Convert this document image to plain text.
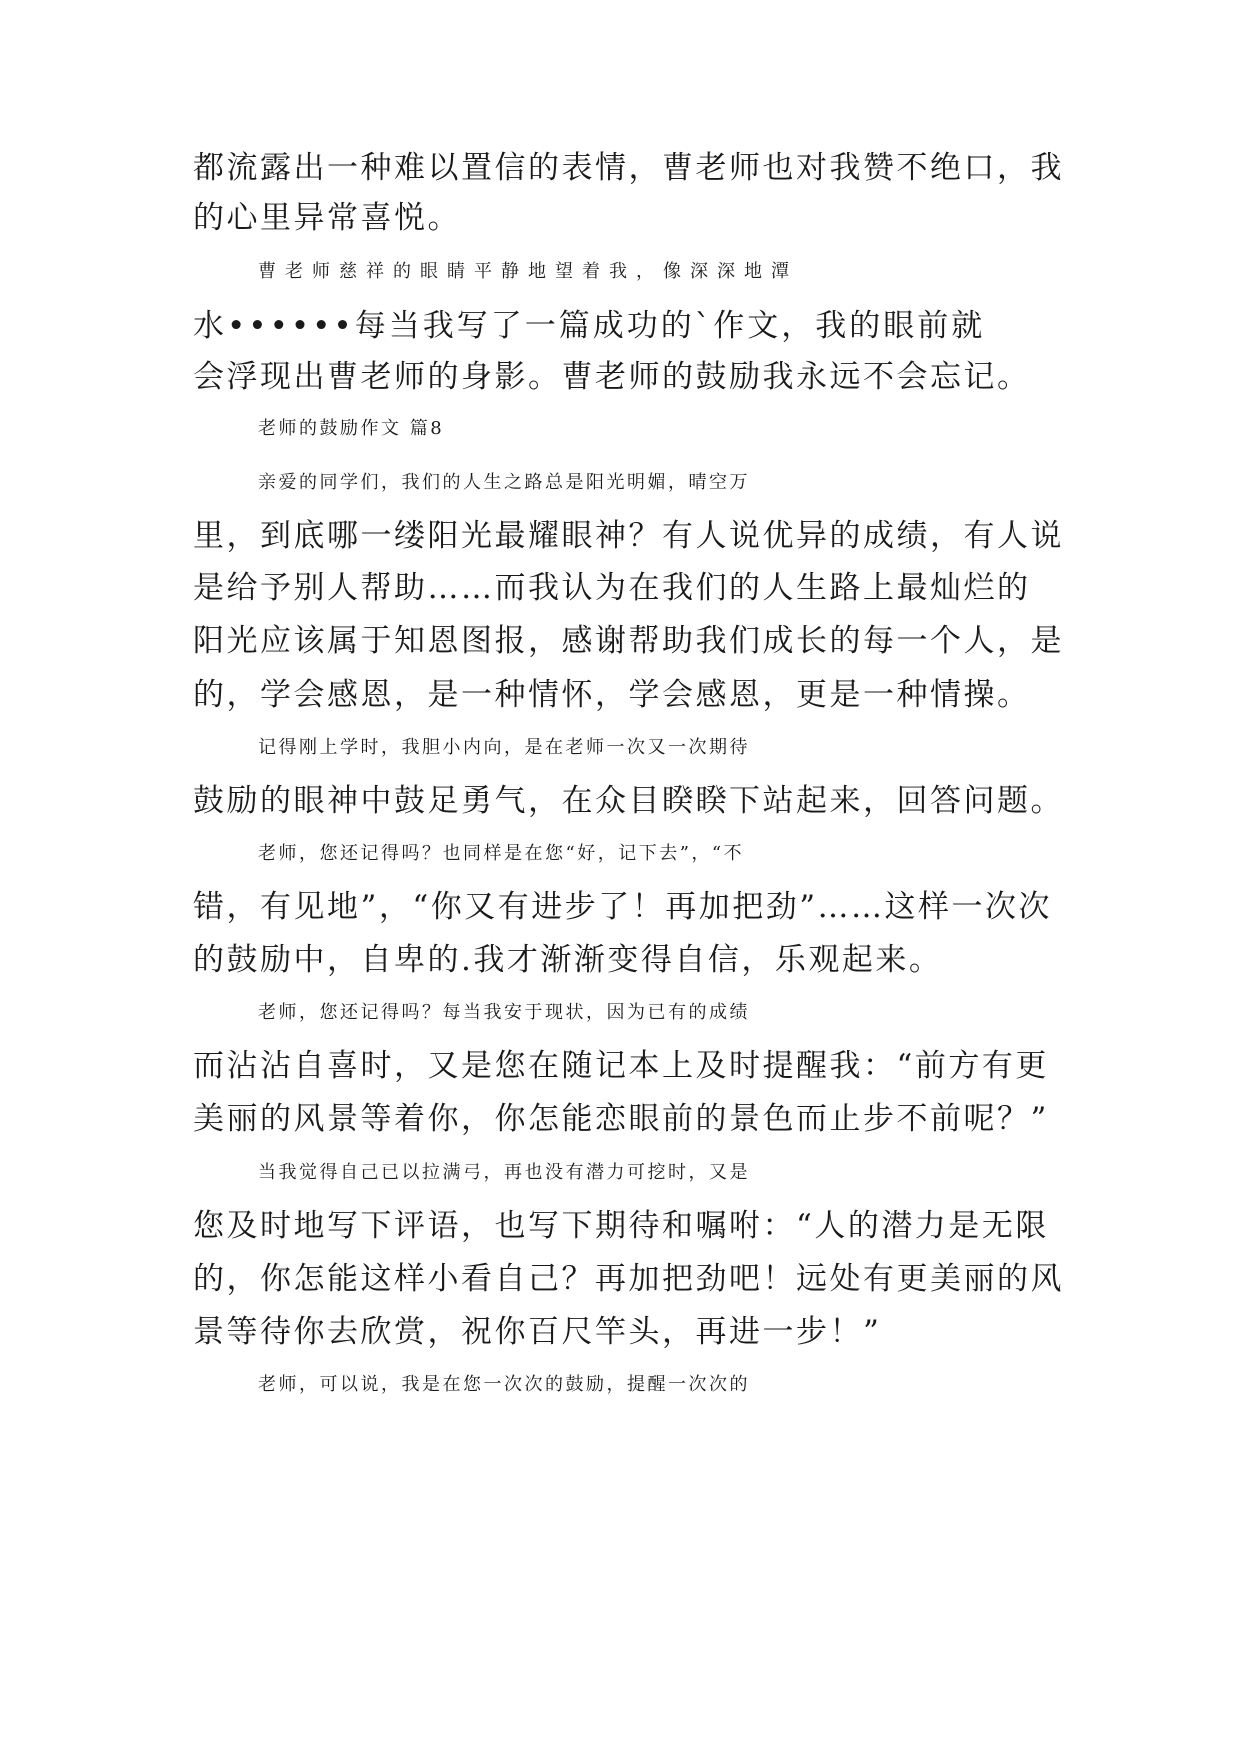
都流露出一种难以置信的表情，曹老师也对我赞不绝口，我

的心里异常喜悦。

曹老师慈祥的眼睛平静地望着我，像深深地潭

水••••••每当我写了一篇成功的`作文，我的眼前就

会浮现出曹老师的身影。曹老师的鼓励我永远不会忘记。

老师的鼓励作文 篇8

亲爱的同学们，我们的人生之路总是阳光明媚，晴空万

里，到底哪一缕阳光最耀眼神？有人说优异的成绩，有人说

是给予别人帮助……而我认为在我们的人生路上最灿烂的

阳光应该属于知恩图报，感谢帮助我们成长的每一个人，是

的，学会感恩，是一种情怀，学会感恩，更是一种情操。

记得刚上学时，我胆小内向，是在老师一次又一次期待

鼓励的眼神中鼓足勇气，在众目睽睽下站起来，回答问题。

老师，您还记得吗？也同样是在您“好，记下去”，“不

错，有见地”，“你又有进步了！再加把劲”……这样一次次

的鼓励中，自卑的.我才渐渐变得自信，乐观起来。

老师，您还记得吗？每当我安于现状，因为已有的成绩

而沾沾自喜时，又是您在随记本上及时提醒我：“前方有更

美丽的风景等着你，你怎能恋眼前的景色而止步不前呢？”

当我觉得自己已以拉满弓，再也没有潜力可挖时，又是

您及时地写下评语，也写下期待和嘱咐：“人的潜力是无限

的，你怎能这样小看自己？再加把劲吧！远处有更美丽的风

景等待你去欣赏，祝你百尺竿头，再进一步！”

老师，可以说，我是在您一次次的鼓励，提醒一次次的
